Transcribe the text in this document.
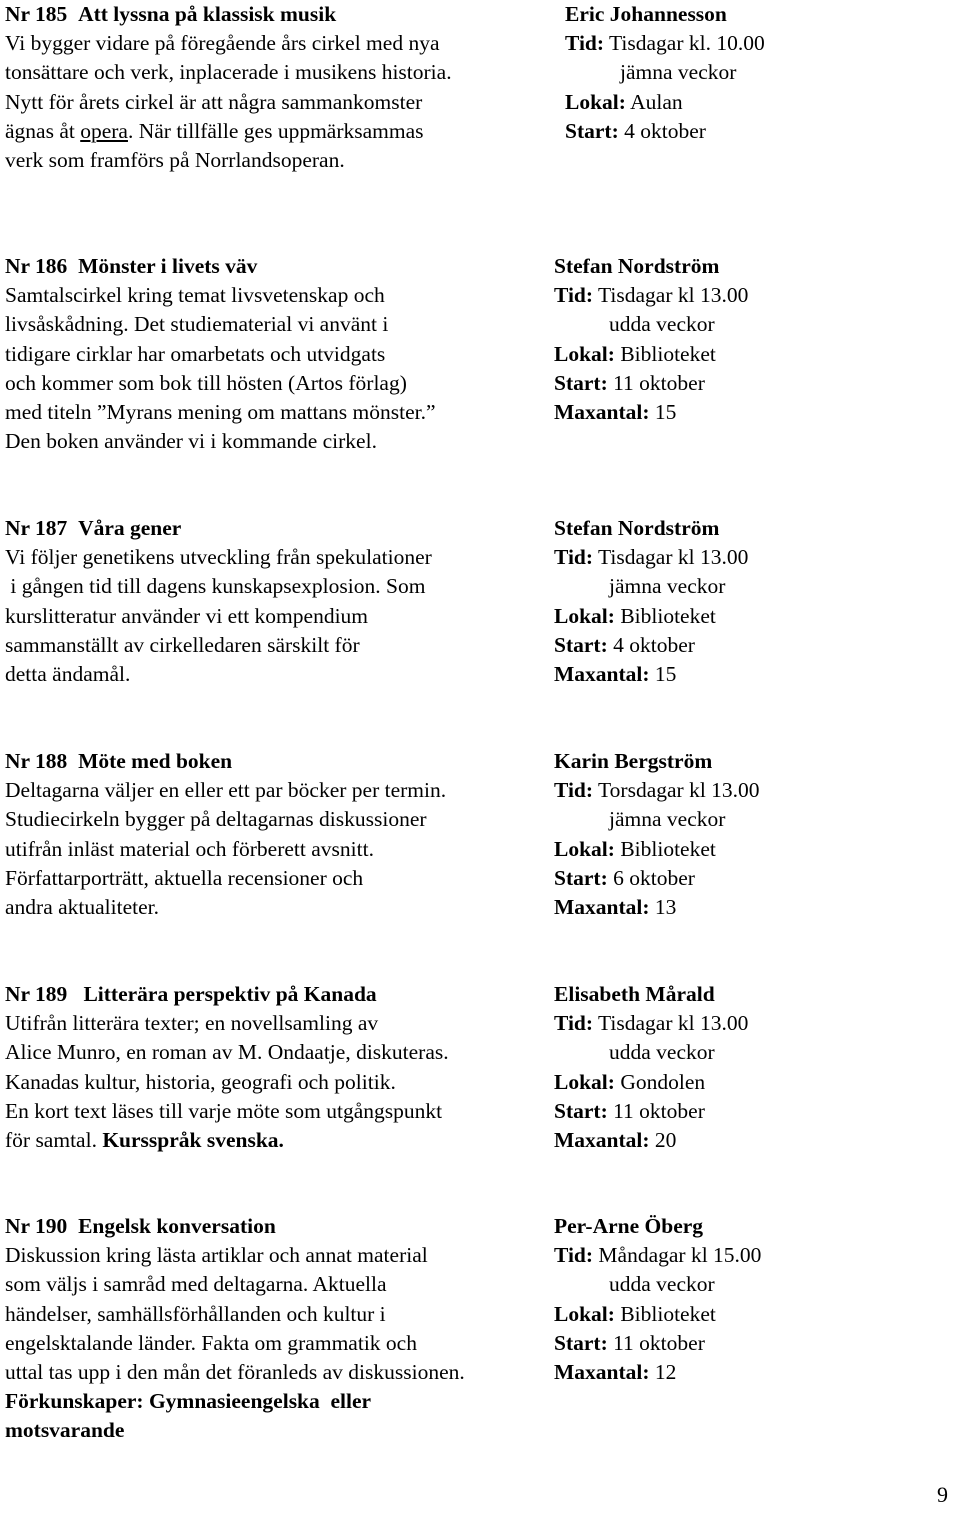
Nr 185 Att lyssna på klassisk musik
Vi bygger vidare på föregående års cirkel med nya
tonsättare och verk, inplacerade i musikens historia.
Nytt för årets cirkel är att några sammankomster
ägnas åt opera. När tillfälle ges uppmärksammas
verk som framförs på Norrlandsoperan.
Eric Johannesson
Tid: Tisdagar kl. 10.00
jämna veckor
Lokal: Aulan
Start: 4 oktober
Nr 186 Mönster i livets väv
Samtalscirkel kring temat livsvetenskap och
livsåskådning. Det studiematerial vi använt i
tidigare cirklar har omarbetats och utvidgats
och kommer som bok till hösten (Artos förlag)
med titeln ”Myrans mening om mattans mönster.”
Den boken använder vi i kommande cirkel.
Stefan Nordström
Tid: Tisdagar kl 13.00
udda veckor
Lokal: Biblioteket
Start: 11 oktober
Maxantal: 15
Nr 187 Våra gener
Vi följer genetikens utveckling från spekulationer
i gången tid till dagens kunskapsexplosion. Som
kurslitteratur använder vi ett kompendium
sammanställt av cirkelledaren särskilt för
detta ändamål.
Stefan Nordström
Tid: Tisdagar kl 13.00
jämna veckor
Lokal: Biblioteket
Start: 4 oktober
Maxantal: 15
Nr 188 Möte med boken
Deltagarna väljer en eller ett par böcker per termin.
Studiecirkeln bygger på deltagarnas diskussioner
utifrån inläst material och förberett avsnitt.
Författarporträtt, aktuella recensioner och
andra aktualiteter.
Karin Bergström
Tid: Torsdagar kl 13.00
jämna veckor
Lokal: Biblioteket
Start: 6 oktober
Maxantal: 13
Nr 189 Litterära perspektiv på Kanada
Utifrån litterära texter; en novellsamling av
Alice Munro, en roman av M. Ondaatje, diskuteras.
Kanadas kultur, historia, geografi och politik.
En kort text läses till varje möte som utgångspunkt
för samtal. Kursspråk svenska.
Elisabeth Mårald
Tid: Tisdagar kl 13.00
udda veckor
Lokal: Gondolen
Start: 11 oktober
Maxantal: 20
Nr 190 Engelsk konversation
Diskussion kring lästa artiklar och annat material
som väljs i samråd med deltagarna. Aktuella
händelser, samhällsförhållanden och kultur i
engelsktalande länder. Fakta om grammatik och
uttal tas upp i den mån det föranleds av diskussionen.
Förkunskaper: Gymnasieengelska  eller
motsvarande
Per-Arne Öberg
Tid: Måndagar kl 15.00
udda veckor
Lokal: Biblioteket
Start: 11 oktober
Maxantal: 12
9
